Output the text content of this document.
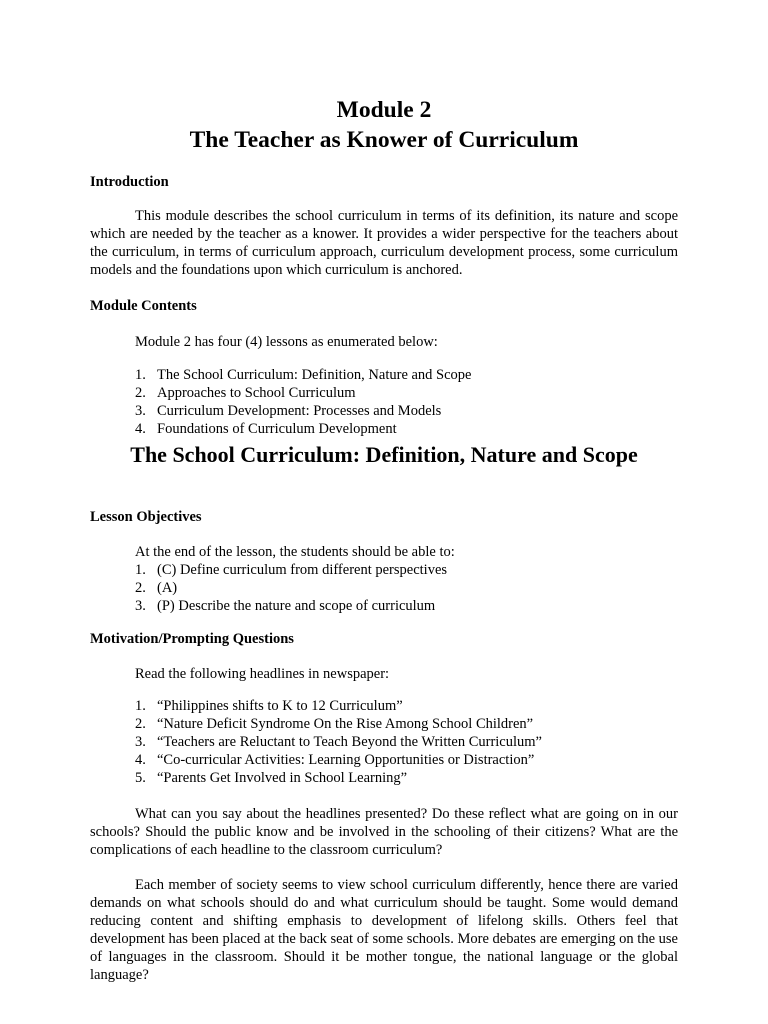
Module 2
The Teacher as Knower of Curriculum
Introduction

This module describes the school curriculum in terms of its definition, its nature and scope which are needed by the teacher as a knower. It provides a wider perspective for the teachers about the curriculum, in terms of curriculum approach, curriculum development process, some curriculum models and the foundations upon which curriculum is anchored.

Module Contents
Module 2 has four (4) lessons as enumerated below:
1. The School Curriculum: Definition, Nature and Scope
2. Approaches to School Curriculum
3. Curriculum Development: Processes and Models
4. Foundations of Curriculum Development
The School Curriculum: Definition, Nature and Scope
Lesson Objectives
At the end of the lesson, the students should be able to:
1. (C) Define curriculum from different perspectives
2. (A)
3. (P) Describe the nature and scope of curriculum
Motivation/Prompting Questions
Read the following headlines in newspaper:
1. “Philippines shifts to K to 12 Curriculum”
2. “Nature Deficit Syndrome On the Rise Among School Children”
3. “Teachers are Reluctant to Teach Beyond the Written Curriculum”
4. “Co-curricular Activities: Learning Opportunities or Distraction”
5. “Parents Get Involved in School Learning”

What can you say about the headlines presented? Do these reflect what are going on in our schools? Should the public know and be involved in the schooling of their citizens? What are the complications of each headline to the classroom curriculum?

Each member of society seems to view school curriculum differently, hence there are varied demands on what schools should do and what curriculum should be taught. Some would demand reducing content and shifting emphasis to development of lifelong skills. Others feel that development has been placed at the back seat of some schools. More debates are emerging on the use of languages in the classroom. Should it be mother tongue, the national language or the global language?
